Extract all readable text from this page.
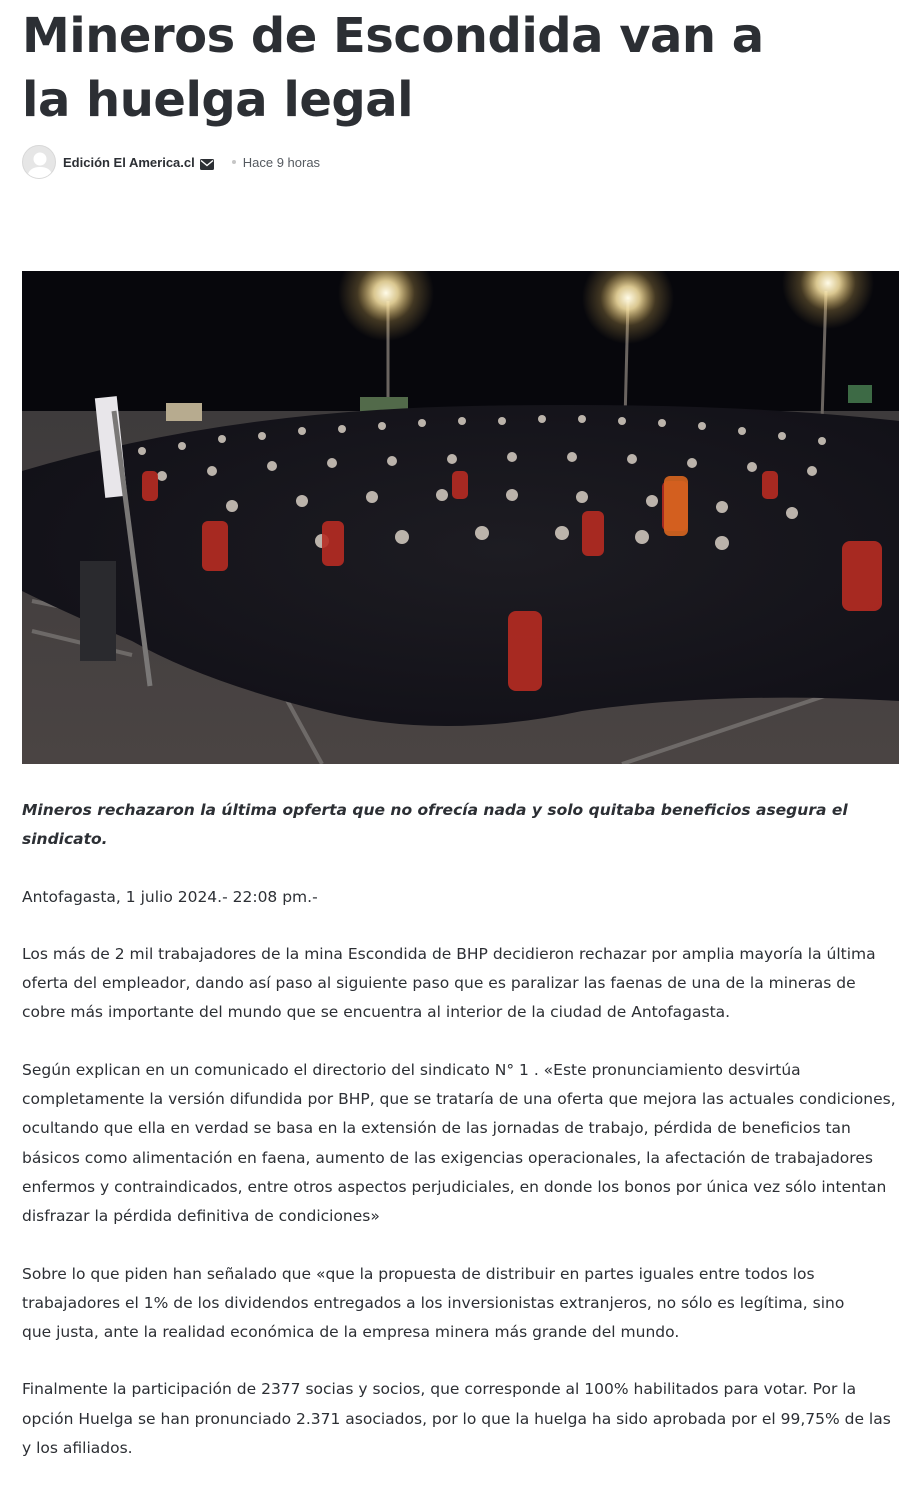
Mineros de Escondida van a la huelga legal
Edición El America.cl	Hace 9 horas

Mineros rechazaron la última opferta que no ofrecía nada y solo quitaba beneficios asegura el sindicato.

Antofagasta, 1 julio 2024.- 22:08 pm.-

Los más de 2 mil trabajadores de la mina Escondida de BHP decidieron rechazar por amplia mayoría la última oferta del empleador, dando así paso al siguiente paso que es paralizar las faenas de una de la mineras de cobre más importante del mundo que se encuentra al interior de la ciudad de Antofagasta.

Según explican en un comunicado el directorio del sindicato N° 1 . «Este pronunciamiento desvirtúa completamente la versión difundida por BHP, que se trataría de una oferta que mejora las actuales condiciones, ocultando que ella en verdad se basa en la extensión de las jornadas de trabajo, pérdida de beneficios tan básicos como alimentación en faena, aumento de las exigencias operacionales, la afectación de trabajadores enfermos y contraindicados, entre otros aspectos perjudiciales, en donde los bonos por única vez sólo intentan disfrazar la pérdida definitiva de condiciones»

Sobre lo que piden han señalado que «que la propuesta de distribuir en partes iguales entre todos los trabajadores el 1% de los dividendos entregados a los inversionistas extranjeros, no sólo es legítima, sino
que justa, ante la realidad económica de la empresa minera más grande del mundo.

Finalmente la participación de 2377 socias y socios, que corresponde al 100% habilitados para votar. Por la opción Huelga se han pronunciado 2.371 asociados, por lo que la huelga ha sido aprobada por el 99,75% de las y los afiliados.
